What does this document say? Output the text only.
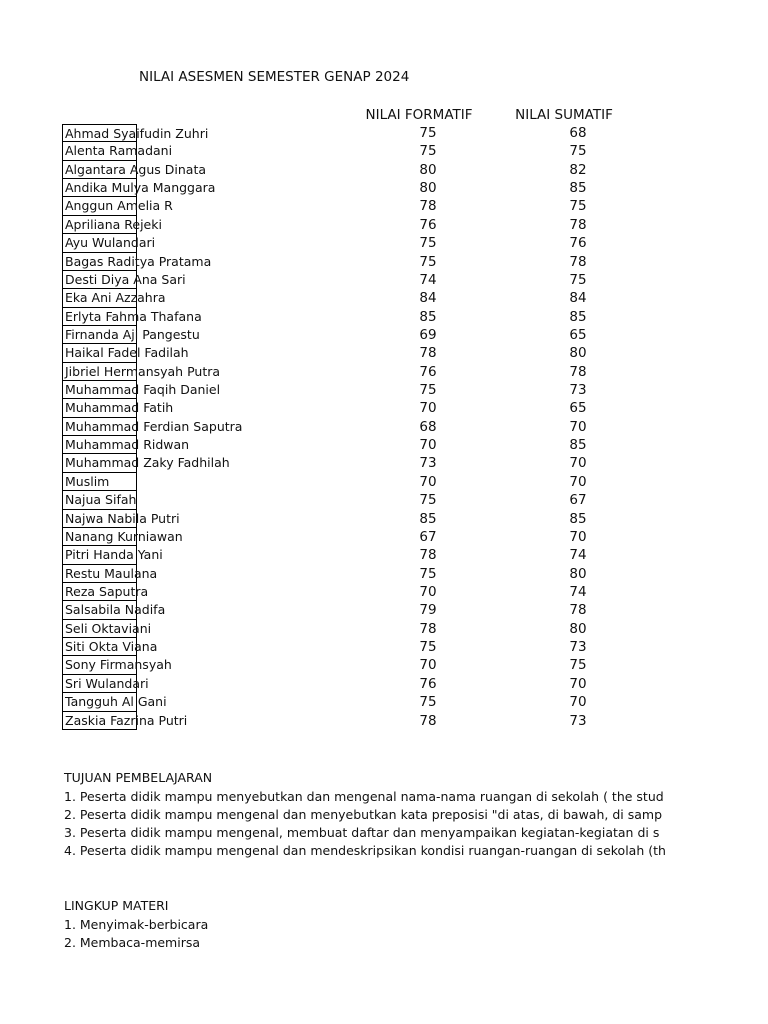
NILAI ASESMEN SEMESTER GENAP 2024
NILAI FORMATIF	NILAI SUMATIF
Ahmad Syaifudin Zuhri	75	68
Alenta Ramadani	75	75
Algantara Agus Dinata	80	82
Andika Mulya Manggara	80	85
Anggun Amelia R	78	75
Apriliana Rejeki	76	78
Ayu Wulandari	75	76
Bagas Raditya Pratama	75	78
Desti Diya Ana Sari	74	75
Eka Ani Azzahra	84	84
Erlyta Fahma Thafana	85	85
Firnanda Aji Pangestu	69	65
Haikal Fadel Fadilah	78	80
Jibriel Hermansyah Putra	76	78
Muhammad Faqih Daniel	75	73
Muhammad Fatih	70	65
Muhammad Ferdian Saputra	68	70
Muhammad Ridwan	70	85
Muhammad Zaky Fadhilah	73	70
Muslim	70	70
Najua Sifah	75	67
Najwa Nabila Putri	85	85
Nanang Kurniawan	67	70
Pitri Handa Yani	78	74
Restu Maulana	75	80
Reza Saputra	70	74
Salsabila Nadifa	79	78
Seli Oktaviani	78	80
Siti Okta Viana	75	73
Sony Firmansyah	70	75
Sri Wulandari	76	70
Tangguh Al Gani	75	70
Zaskia Fazrina Putri	78	73
TUJUAN PEMBELAJARAN
1. Peserta didik mampu menyebutkan dan mengenal nama-nama ruangan di sekolah ( the stud
2. Peserta didik mampu mengenal dan menyebutkan kata preposisi "di atas, di bawah, di samp
3. Peserta didik mampu mengenal, membuat daftar dan menyampaikan kegiatan-kegiatan di s
4. Peserta didik mampu mengenal dan mendeskripsikan kondisi ruangan-ruangan di sekolah (th
LINGKUP MATERI
1. Menyimak-berbicara
2. Membaca-memirsa
